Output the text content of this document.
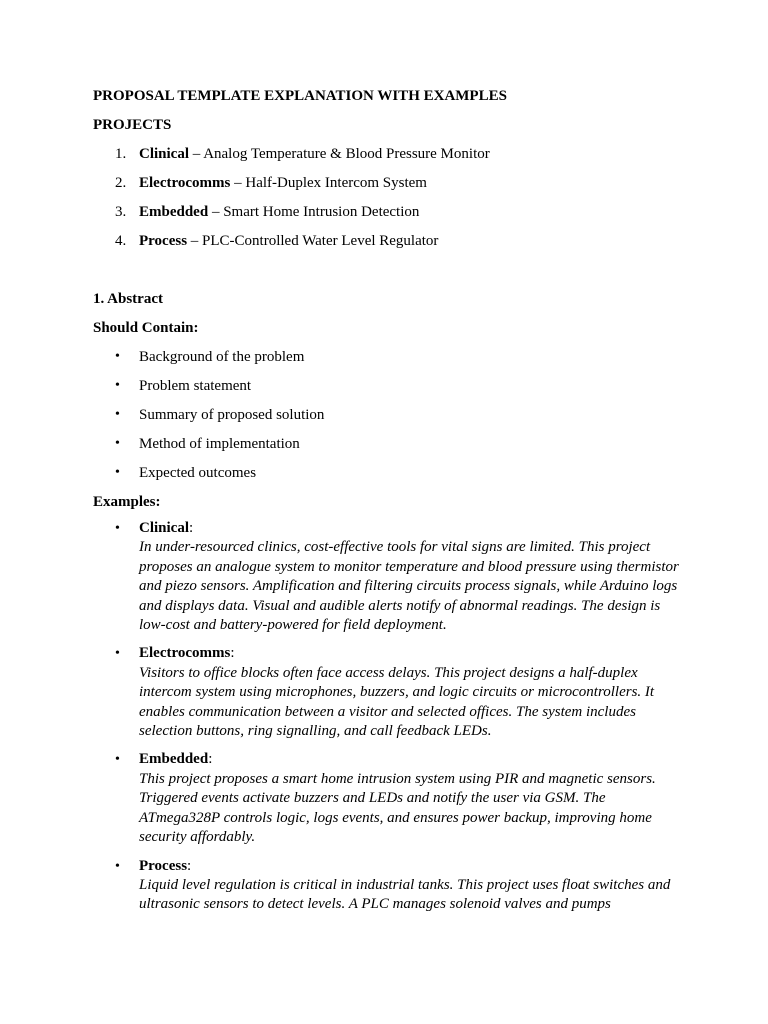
PROPOSAL TEMPLATE EXPLANATION WITH EXAMPLES
PROJECTS
1. Clinical – Analog Temperature & Blood Pressure Monitor
2. Electrocomms – Half-Duplex Intercom System
3. Embedded – Smart Home Intrusion Detection
4. Process – PLC-Controlled Water Level Regulator
1. Abstract
Should Contain:
• Background of the problem
• Problem statement
• Summary of proposed solution
• Method of implementation
• Expected outcomes
Examples:
• Clinical:
In under-resourced clinics, cost-effective tools for vital signs are limited. This project proposes an analogue system to monitor temperature and blood pressure using thermistor and piezo sensors. Amplification and filtering circuits process signals, while Arduino logs and displays data. Visual and audible alerts notify of abnormal readings. The design is low-cost and battery-powered for field deployment.
• Electrocomms:
Visitors to office blocks often face access delays. This project designs a half-duplex intercom system using microphones, buzzers, and logic circuits or microcontrollers. It enables communication between a visitor and selected offices. The system includes selection buttons, ring signalling, and call feedback LEDs.
• Embedded:
This project proposes a smart home intrusion system using PIR and magnetic sensors. Triggered events activate buzzers and LEDs and notify the user via GSM. The ATmega328P controls logic, logs events, and ensures power backup, improving home security affordably.
• Process:
Liquid level regulation is critical in industrial tanks. This project uses float switches and ultrasonic sensors to detect levels. A PLC manages solenoid valves and pumps
